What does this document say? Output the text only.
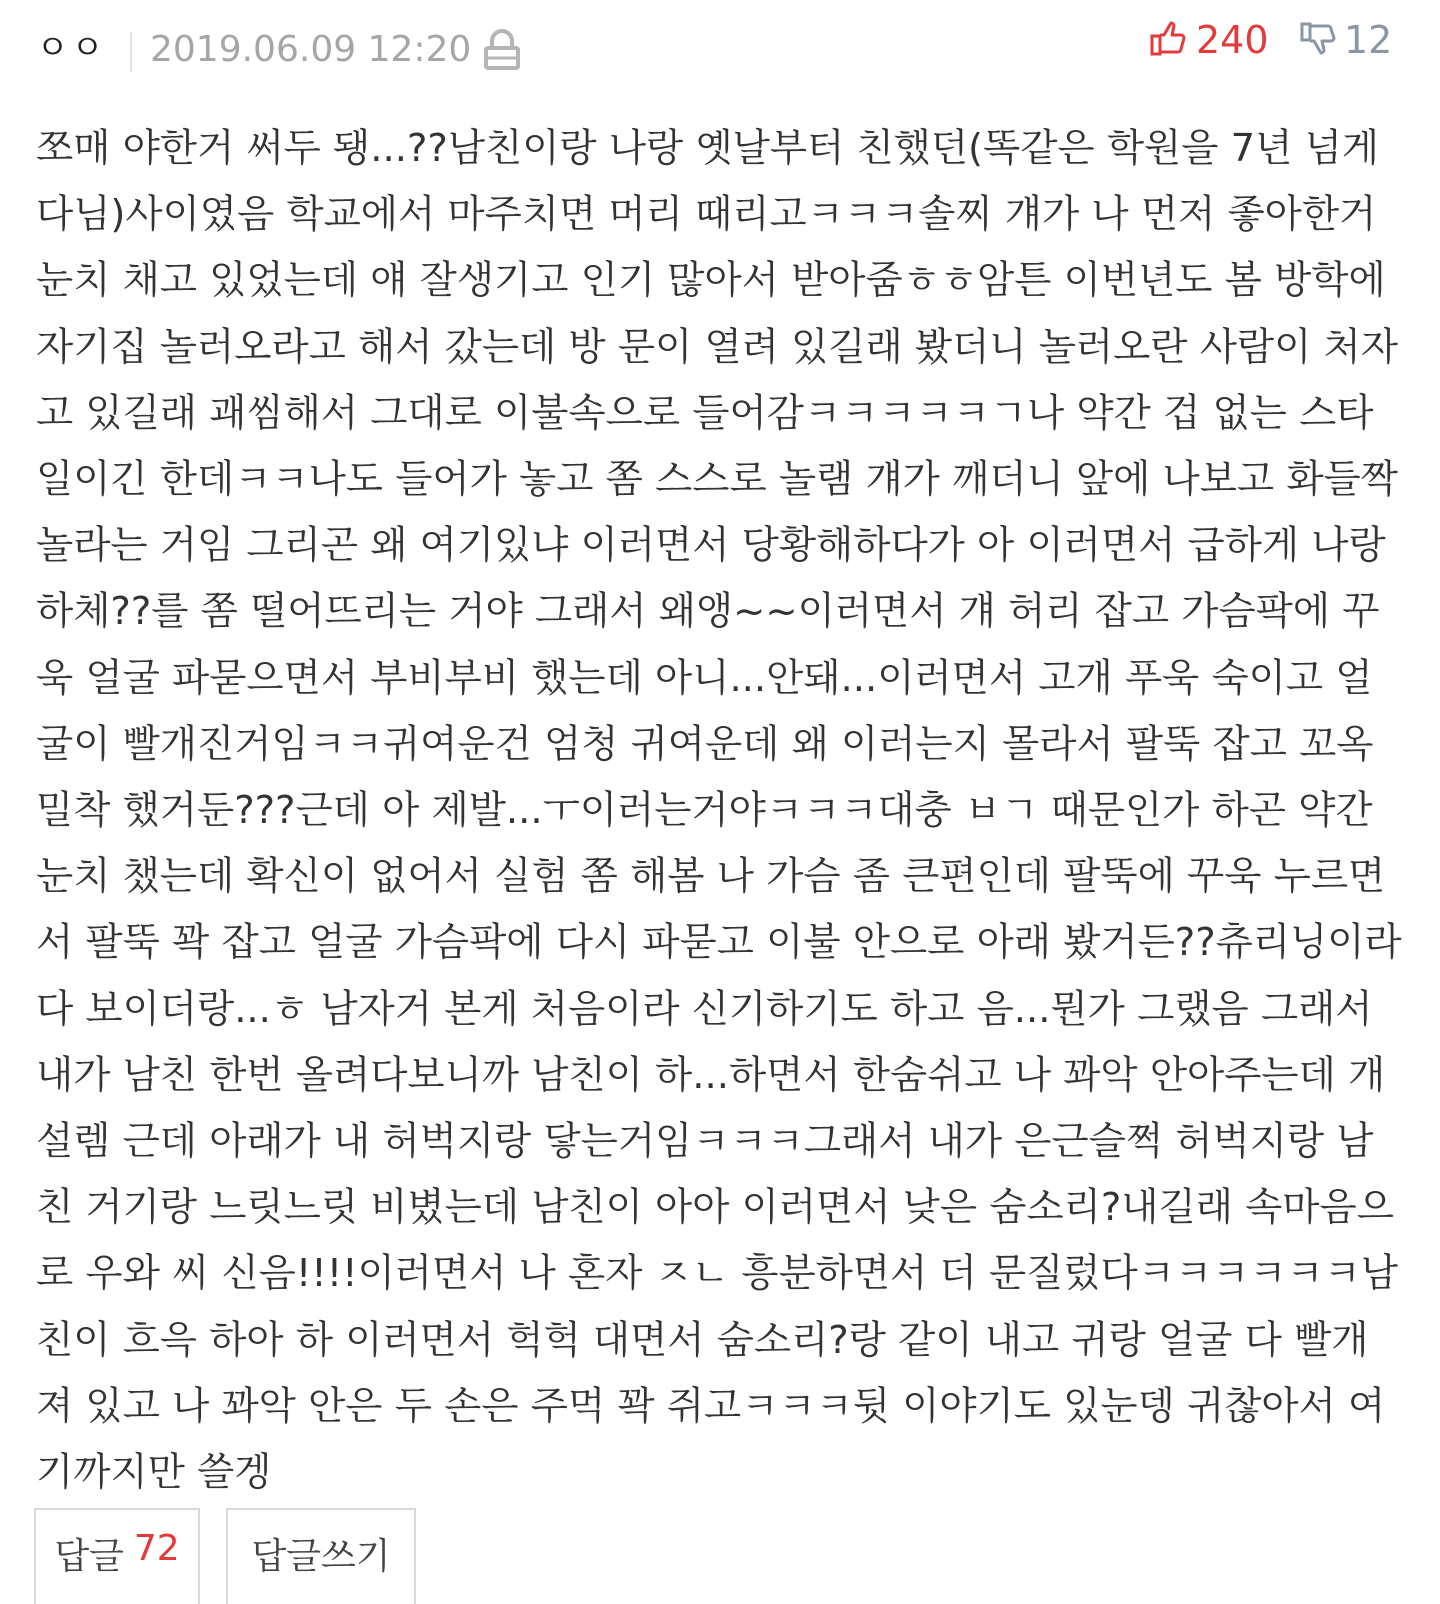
ㅇㅇ 2019.06.09 12:20	240 12

쪼매 야한거 써두 됑...??남친이랑 나랑 옛날부터 친했던(똑같은 학원을 7년 넘게 다님)사이였음 학교에서 마주치면 머리 때리고ㅋㅋㅋ솔찌 걔가 나 먼저 좋아한거 눈치 채고 있었는데 얘 잘생기고 인기 많아서 받아줌ㅎㅎ암튼 이번년도 봄 방학에 자기집 놀러오라고 해서 갔는데 방 문이 열려 있길래 봤더니 놀러오란 사람이 처자고 있길래 괘씸해서 그대로 이불속으로 들어감ㅋㅋㅋㅋㅋㄱ나 약간 겁 없는 스타일이긴 한데ㅋㅋ나도 들어가 놓고 쫌 스스로 놀램 걔가 깨더니 앞에 나보고 화들짝 놀라는 거임 그리곤 왜 여기있냐 이러면서 당황해하다가 아 이러면서 급하게 나랑 하체??를 쫌 떨어뜨리는 거야 그래서 왜앵~~이러면서 걔 허리 잡고 가슴팍에 꾸욱 얼굴 파묻으면서 부비부비 했는데 아니...안돼...이러면서 고개 푸욱 숙이고 얼굴이 빨개진거임ㅋㅋ귀여운건 엄청 귀여운데 왜 이러는지 몰라서 팔뚝 잡고 꼬옥 밀착 했거둔???근데 아 제발...ㅜ이러는거야ㅋㅋㅋ대충 ㅂㄱ 때문인가 하곤 약간 눈치 챘는데 확신이 없어서 실험 쫌 해봄 나 가슴 좀 큰편인데 팔뚝에 꾸욱 누르면서 팔뚝 꽉 잡고 얼굴 가슴팍에 다시 파묻고 이불 안으로 아래 봤거든??츄리닝이라 다 보이더랑...ㅎ 남자거 본게 처음이라 신기하기도 하고 음...뭔가 그랬음 그래서 내가 남친 한번 올려다보니까 남친이 하...하면서 한숨쉬고 나 꽈악 안아주는데 개 설렘 근데 아래가 내 허벅지랑 닿는거임ㅋㅋㅋ그래서 내가 은근슬쩍 허벅지랑 남친 거기랑 느릿느릿 비볐는데 남친이 아아 이러면서 낮은 숨소리?내길래 속마음으로 우와 씨 신음!!!!이러면서 나 혼자 ㅈㄴ 흥분하면서 더 문질렀다ㅋㅋㅋㅋㅋㅋ남친이 흐윽 하아 하 이러면서 헉헉 대면서 숨소리?랑 같이 내고 귀랑 얼굴 다 빨개져 있고 나 꽈악 안은 두 손은 주먹 꽉 쥐고ㅋㅋㅋ뒷 이야기도 있눈뎅 귀찮아서 여기까지만 쓸겡

답글 72 답글쓰기
